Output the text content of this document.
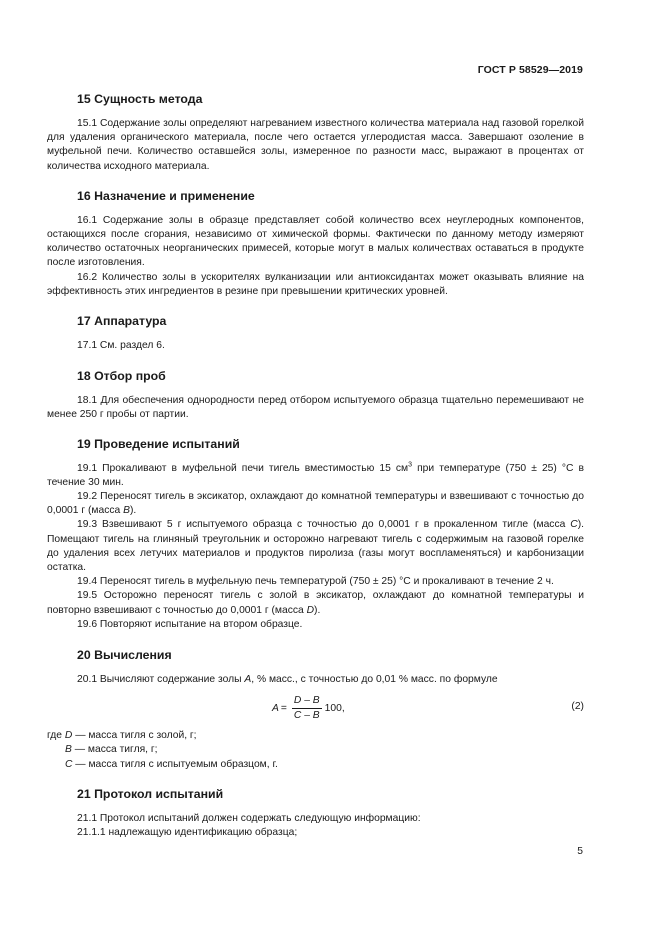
ГОСТ Р 58529—2019
15 Сущность метода

15.1 Содержание золы определяют нагреванием известного количества материала над газовой горелкой для удаления органического материала, после чего остается углеродистая масса. Завершают озоление в муфельной печи. Количество оставшейся золы, измеренное по разности масс, выражают в процентах от количества исходного материала.

16 Назначение и применение

16.1 Содержание золы в образце представляет собой количество всех неуглеродных компонентов, остающихся после сгорания, независимо от химической формы. Фактически по данному методу измеряют количество остаточных неорганических примесей, которые могут в малых количествах оставаться в продукте после изготовления.

16.2 Количество золы в ускорителях вулканизации или антиоксидантах может оказывать влияние на эффективность этих ингредиентов в резине при превышении критических уровней.

17 Аппаратура

17.1 См. раздел 6.

18 Отбор проб

18.1 Для обеспечения однородности перед отбором испытуемого образца тщательно перемешивают не менее 250 г пробы от партии.

19 Проведение испытаний

19.1 Прокаливают в муфельной печи тигель вместимостью 15 $см^3$ при температуре (750 ± 25) °С в течение 30 мин.

19.2 Переносят тигель в эксикатор, охлаждают до комнатной температуры и взвешивают с точностью до 0,0001 г (масса B).

19.3 Взвешивают 5 г испытуемого образца с точностью до 0,0001 г в прокаленном тигле (масса C). Помещают тигель на глиняный треугольник и осторожно нагревают тигель с содержимым на газовой горелке до удаления всех летучих материалов и продуктов пиролиза (газы могут воспламеняться) и карбонизации остатка.

19.4 Переносят тигель в муфельную печь температурой (750 ± 25) °С и прокаливают в течение 2 ч.

19.5 Осторожно переносят тигель с золой в эксикатор, охлаждают до комнатной температуры и повторно взвешивают с точностью до 0,0001 г (масса D).

19.6 Повторяют испытание на втором образце.

20 Вычисления

20.1 Вычисляют содержание золы A, % масс., с точностью до 0,01 % масс. по формуле

$A = \frac{D - B}{C - B} 100$,	(2)

где D — масса тигля с золой, г;

B — масса тигля, г;

C — масса тигля с испытуемым образцом, г.

21 Протокол испытаний

21.1 Протокол испытаний должен содержать следующую информацию:

21.1.1 надлежащую идентификацию образца;

5
